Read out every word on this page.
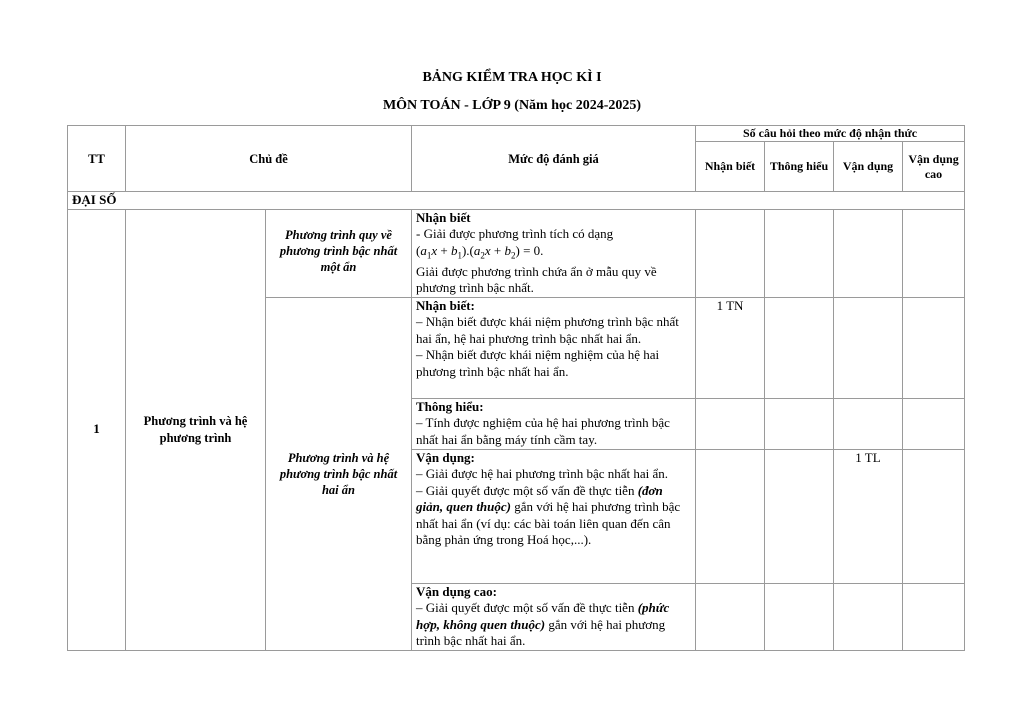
BẢNG KIỂM TRA HỌC KÌ I
MÔN TOÁN - LỚP 9 (Năm học 2024-2025)
TT	Chủ đề		Mức độ đánh giá	Số câu hỏi theo mức độ nhận thức			
				Nhận biết	Thông hiểu	Vận dụng	Vận dụng cao
ĐẠI SỐ							
1	Phương trình và hệ phương trình	Phương trình quy về phương trình bậc nhất một ẩn	Nhận biết
- Giải được phương trình tích có dạng
$(a_1x + b_1).(a_2x + b_2) = 0$.
Giải được phương trình chứa ẩn ở mẫu quy về phương trình bậc nhất.				

		Phương trình và hệ phương trình bậc nhất hai ẩn	Nhận biết:
– Nhận biết được khái niệm phương trình bậc nhất hai ẩn, hệ hai phương trình bậc nhất hai ẩn.
– Nhận biết được khái niệm nghiệm của hệ hai phương trình bậc nhất hai ẩn.	1 TN			

			Thông hiểu:
– Tính được nghiệm của hệ hai phương trình bậc nhất hai ẩn bằng máy tính cầm tay.				

			Vận dụng:
– Giải được hệ hai phương trình bậc nhất hai ẩn.
– Giải quyết được một số vấn đề thực tiễn (đơn giản, quen thuộc) gắn với hệ hai phương trình bậc nhất hai ẩn (ví dụ: các bài toán liên quan đến cân bằng phản ứng trong Hoá học,...).			1 TL	

			Vận dụng cao:
– Giải quyết được một số vấn đề thực tiễn (phức hợp, không quen thuộc) gắn với hệ hai phương trình bậc nhất hai ẩn.				
